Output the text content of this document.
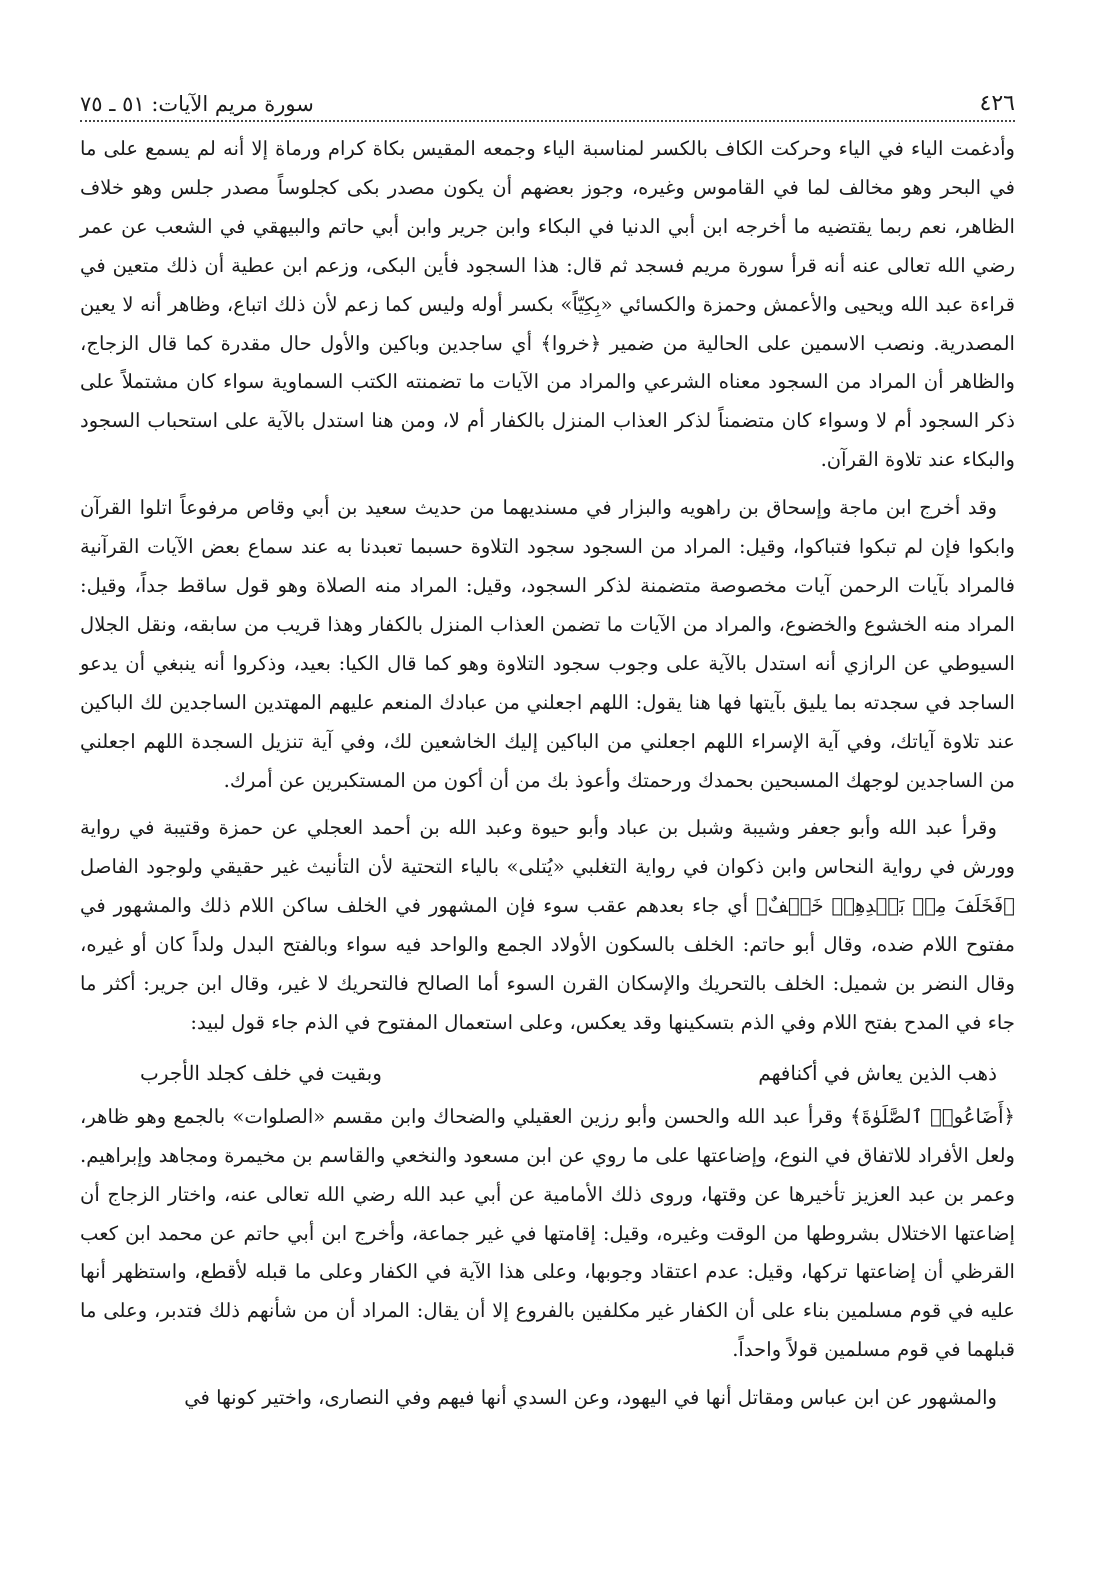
٤٢٦
سورة مريم الآيات: ٥١ ـ ٧٥

وأدغمت الياء في الياء وحركت الكاف بالكسر لمناسبة الياء وجمعه المقيس بكاة كرام ورماة إلا أنه لم يسمع على ما في البحر وهو مخالف لما في القاموس وغيره، وجوز بعضهم أن يكون مصدر بكى كجلوساً مصدر جلس وهو خلاف الظاهر، نعم ربما يقتضيه ما أخرجه ابن أبي الدنيا في البكاء وابن جرير وابن أبي حاتم والبيهقي في الشعب عن عمر رضي الله تعالى عنه أنه قرأ سورة مريم فسجد ثم قال: هذا السجود فأين البكى، وزعم ابن عطية أن ذلك متعين في قراءة عبد الله ويحيى والأعمش وحمزة والكسائي «بِكِيّاً» بكسر أوله وليس كما زعم لأن ذلك اتباع، وظاهر أنه لا يعين المصدرية. ونصب الاسمين على الحالية من ضمير ﴿خروا﴾ أي ساجدين وباكين والأول حال مقدرة كما قال الزجاج، والظاهر أن المراد من السجود معناه الشرعي والمراد من الآيات ما تضمنته الكتب السماوية سواء كان مشتملاً على ذكر السجود أم لا وسواء كان متضمناً لذكر العذاب المنزل بالكفار أم لا، ومن هنا استدل بالآية على استحباب السجود والبكاء عند تلاوة القرآن.

وقد أخرج ابن ماجة وإسحاق بن راهويه والبزار في مسنديهما من حديث سعيد بن أبي وقاص مرفوعاً اتلوا القرآن وابكوا فإن لم تبكوا فتباكوا، وقيل: المراد من السجود سجود التلاوة حسبما تعبدنا به عند سماع بعض الآيات القرآنية فالمراد بآيات الرحمن آيات مخصوصة متضمنة لذكر السجود، وقيل: المراد منه الصلاة وهو قول ساقط جداً، وقيل: المراد منه الخشوع والخضوع، والمراد من الآيات ما تضمن العذاب المنزل بالكفار وهذا قريب من سابقه، ونقل الجلال السيوطي عن الرازي أنه استدل بالآية على وجوب سجود التلاوة وهو كما قال الكيا: بعيد، وذكروا أنه ينبغي أن يدعو الساجد في سجدته بما يليق بآيتها فها هنا يقول: اللهم اجعلني من عبادك المنعم عليهم المهتدين الساجدين لك الباكين عند تلاوة آياتك، وفي آية الإسراء اللهم اجعلني من الباكين إليك الخاشعين لك، وفي آية تنزيل السجدة اللهم اجعلني من الساجدين لوجهك المسبحين بحمدك ورحمتك وأعوذ بك من أن أكون من المستكبرين عن أمرك.

وقرأ عبد الله وأبو جعفر وشيبة وشبل بن عباد وأبو حيوة وعبد الله بن أحمد العجلي عن حمزة وقتيبة في رواية وورش في رواية النحاس وابن ذكوان في رواية التغلبي «يُتلى» بالياء التحتية لأن التأنيث غير حقيقي ولوجود الفاصل ﴿فَخَلَفَ مِنۢ بَعۡدِهِمۡ خَلۡفٌ﴾ أي جاء بعدهم عقب سوء فإن المشهور في الخلف ساكن اللام ذلك والمشهور في مفتوح اللام ضده، وقال أبو حاتم: الخلف بالسكون الأولاد الجمع والواحد فيه سواء وبالفتح البدل ولداً كان أو غيره، وقال النضر بن شميل: الخلف بالتحريك والإسكان القرن السوء أما الصالح فالتحريك لا غير، وقال ابن جرير: أكثر ما جاء في المدح بفتح اللام وفي الذم بتسكينها وقد يعكس، وعلى استعمال المفتوح في الذم جاء قول لبيد:

ذهب الذين يعاش في أكنافهم
وبقيت في خلف كجلد الأجرب

﴿أَضَاعُوا۟ ٱلصَّلَوٰةَ﴾ وقرأ عبد الله والحسن وأبو رزين العقيلي والضحاك وابن مقسم «الصلوات» بالجمع وهو ظاهر، ولعل الأفراد للاتفاق في النوع، وإضاعتها على ما روي عن ابن مسعود والنخعي والقاسم بن مخيمرة ومجاهد وإبراهيم. وعمر بن عبد العزيز تأخيرها عن وقتها، وروى ذلك الأمامية عن أبي عبد الله رضي الله تعالى عنه، واختار الزجاج أن إضاعتها الاختلال بشروطها من الوقت وغيره، وقيل: إقامتها في غير جماعة، وأخرج ابن أبي حاتم عن محمد ابن كعب القرظي أن إضاعتها تركها، وقيل: عدم اعتقاد وجوبها، وعلى هذا الآية في الكفار وعلى ما قبله لأقطع، واستظهر أنها عليه في قوم مسلمين بناء على أن الكفار غير مكلفين بالفروع إلا أن يقال: المراد أن من شأنهم ذلك فتدبر، وعلى ما قبلهما في قوم مسلمين قولاً واحداً.

والمشهور عن ابن عباس ومقاتل أنها في اليهود، وعن السدي أنها فيهم وفي النصارى، واختير كونها في
